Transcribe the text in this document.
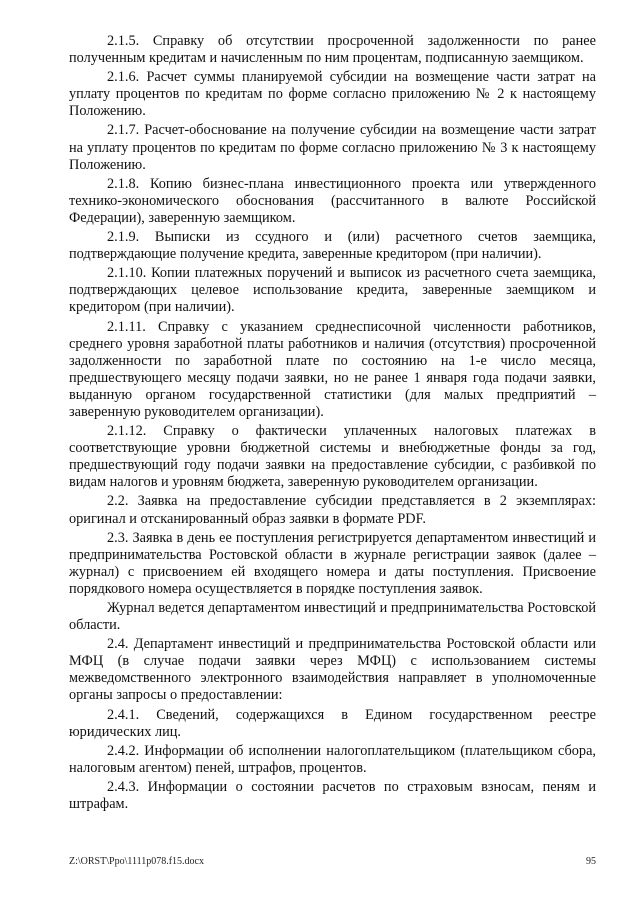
2.1.5. Справку об отсутствии просроченной задолженности по ранее полученным кредитам и начисленным по ним процентам, подписанную заемщиком.

2.1.6. Расчет суммы планируемой субсидии на возмещение части затрат на уплату процентов по кредитам по форме согласно приложению № 2 к настоящему Положению.

2.1.7. Расчет-обоснование на получение субсидии на возмещение части затрат на уплату процентов по кредитам по форме согласно приложению № 3 к настоящему Положению.

2.1.8. Копию бизнес-плана инвестиционного проекта или утвержденного технико-экономического обоснования (рассчитанного в валюте Российской Федерации), заверенную заемщиком.

2.1.9. Выписки из ссудного и (или) расчетного счетов заемщика, подтверждающие получение кредита, заверенные кредитором (при наличии).

2.1.10. Копии платежных поручений и выписок из расчетного счета заемщика, подтверждающих целевое использование кредита, заверенные заемщиком и кредитором (при наличии).

2.1.11. Справку с указанием среднесписочной численности работников, среднего уровня заработной платы работников и наличия (отсутствия) просроченной задолженности по заработной плате по состоянию на 1-е число месяца, предшествующего месяцу подачи заявки, но не ранее 1 января года подачи заявки, выданную органом государственной статистики (для малых предприятий – заверенную руководителем организации).

2.1.12. Справку о фактически уплаченных налоговых платежах в соответствующие уровни бюджетной системы и внебюджетные фонды за год, предшествующий году подачи заявки на предоставление субсидии, с разбивкой по видам налогов и уровням бюджета, заверенную руководителем организации.

2.2. Заявка на предоставление субсидии представляется в 2 экземплярах: оригинал и отсканированный образ заявки в формате PDF.

2.3. Заявка в день ее поступления регистрируется департаментом инвестиций и предпринимательства Ростовской области в журнале регистрации заявок (далее – журнал) с присвоением ей входящего номера и даты поступления. Присвоение порядкового номера осуществляется в порядке поступления заявок.

Журнал ведется департаментом инвестиций и предпринимательства Ростовской области.

2.4. Департамент инвестиций и предпринимательства Ростовской области или МФЦ (в случае подачи заявки через МФЦ) с использованием системы межведомственного электронного взаимодействия направляет в уполномоченные органы запросы о предоставлении:

2.4.1. Сведений, содержащихся в Едином государственном реестре юридических лиц.

2.4.2. Информации об исполнении налогоплательщиком (плательщиком сбора, налоговым агентом) пеней, штрафов, процентов.

2.4.3. Информации о состоянии расчетов по страховым взносам, пеням и штрафам.

Z:\ORST\Ppo\1111p078.f15.docx	95
